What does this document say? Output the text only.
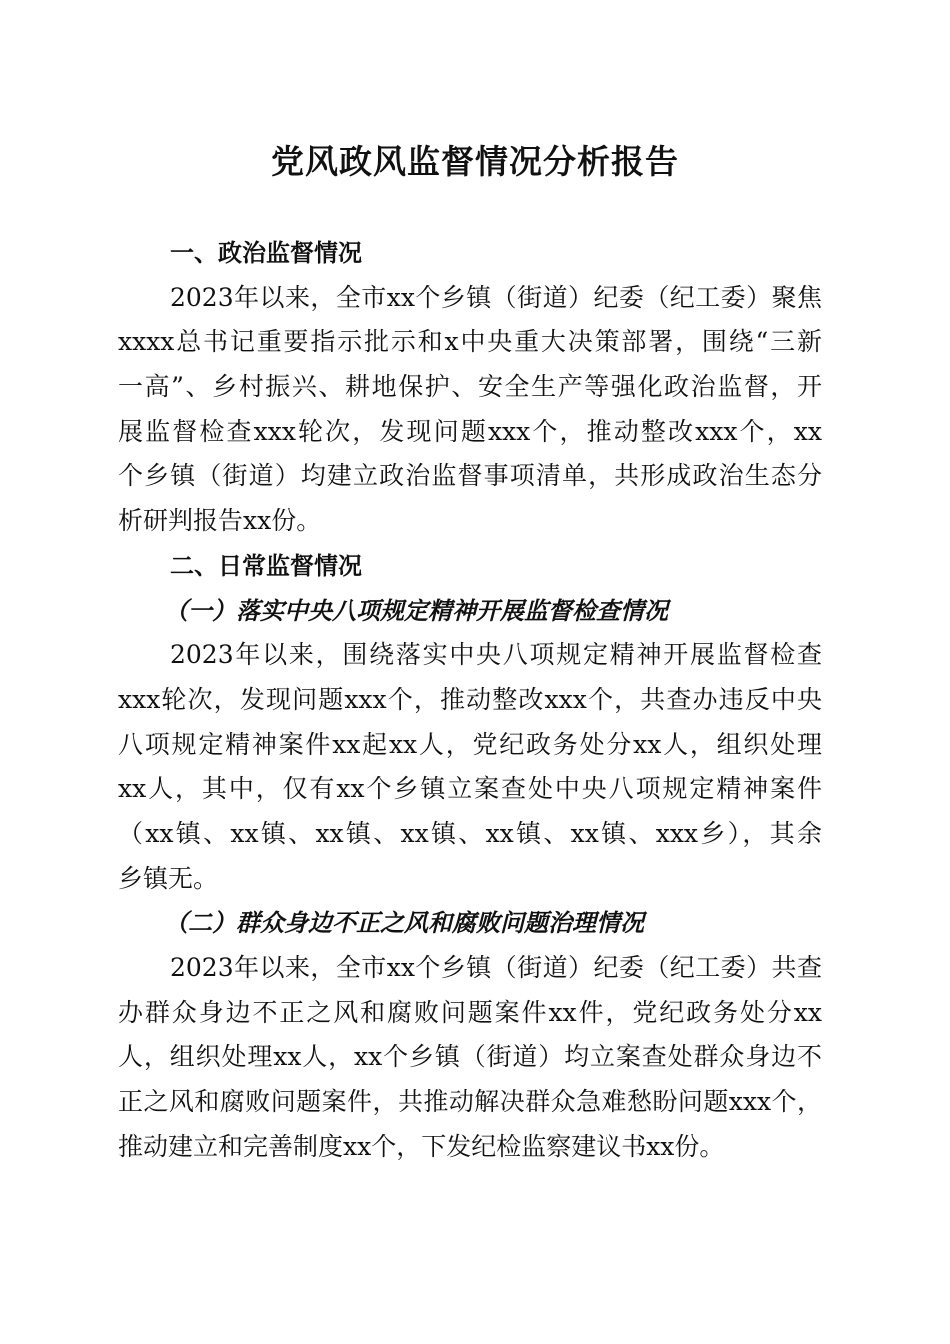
党风政风监督情况分析报告
一、政治监督情况
2023年以来，全市xx个乡镇（街道）纪委（纪工委）聚焦
xxxx总书记重要指示批示和x中央重大决策部署，围绕“三新
一高”、乡村振兴、耕地保护、安全生产等强化政治监督，开
展监督检查xxx轮次，发现问题xxx个，推动整改xxx个，xx
个乡镇（街道）均建立政治监督事项清单，共形成政治生态分
析研判报告xx份。
二、日常监督情况
（一）落实中央八项规定精神开展监督检查情况
2023年以来，围绕落实中央八项规定精神开展监督检查
xxx轮次，发现问题xxx个，推动整改xxx个，共查办违反中央
八项规定精神案件xx起xx人，党纪政务处分xx人，组织处理
xx人，其中，仅有xx个乡镇立案查处中央八项规定精神案件
（xx镇、xx镇、xx镇、xx镇、xx镇、xx镇、xxx乡），其余
乡镇无。
（二）群众身边不正之风和腐败问题治理情况
2023年以来，全市xx个乡镇（街道）纪委（纪工委）共查
办群众身边不正之风和腐败问题案件xx件，党纪政务处分xx
人，组织处理xx人，xx个乡镇（街道）均立案查处群众身边不
正之风和腐败问题案件，共推动解决群众急难愁盼问题xxx个，
推动建立和完善制度xx个，下发纪检监察建议书xx份。
